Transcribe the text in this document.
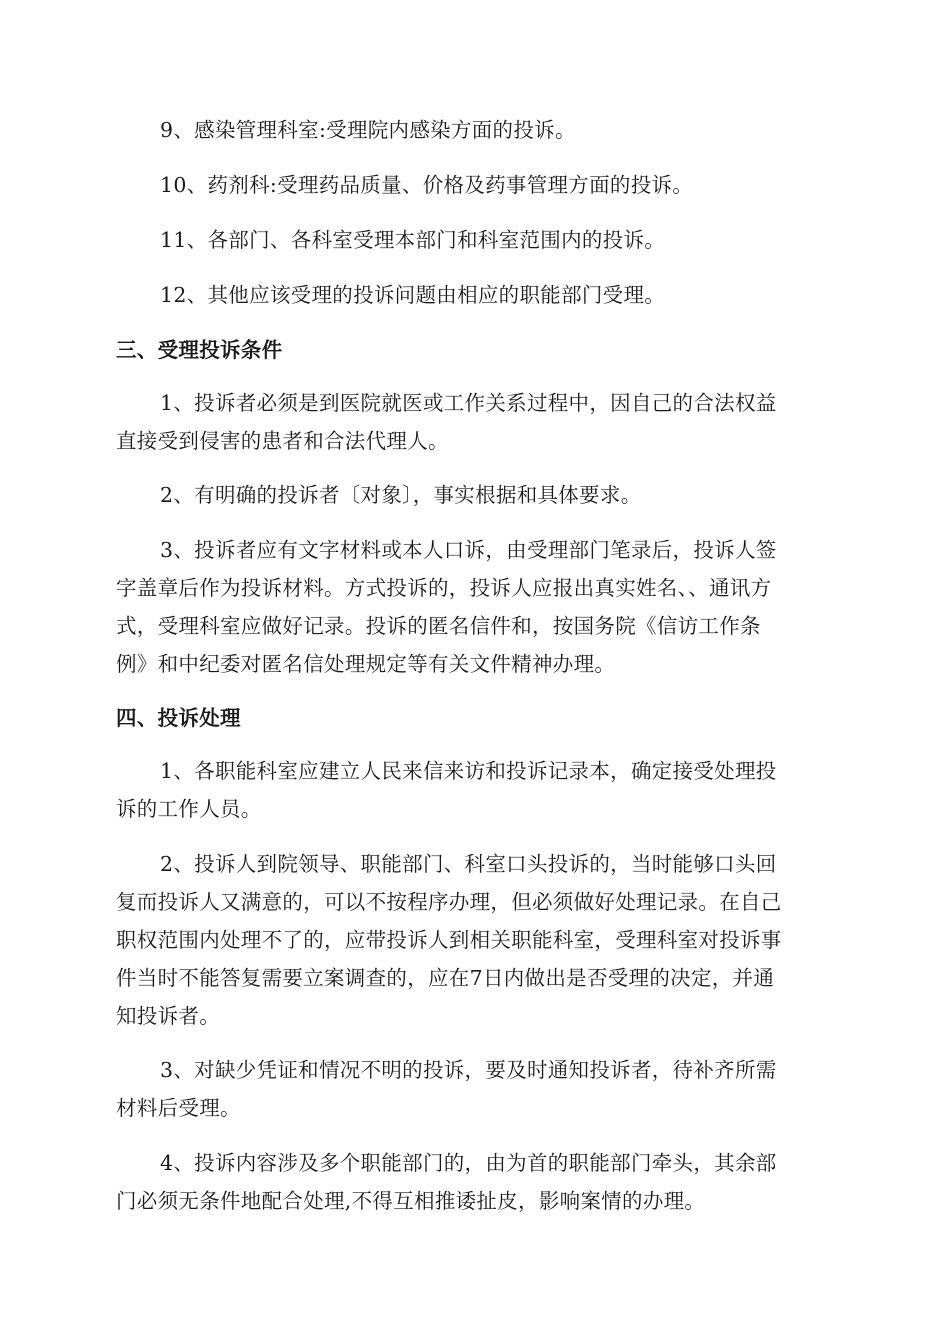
9、感染管理科室:受理院内感染方面的投诉。
10、药剂科:受理药品质量、价格及药事管理方面的投诉。
11、各部门、各科室受理本部门和科室范围内的投诉。
12、其他应该受理的投诉问题由相应的职能部门受理。
三、受理投诉条件
1、投诉者必须是到医院就医或工作关系过程中，因自己的合法权益
直接受到侵害的患者和合法代理人。
2、有明确的投诉者〔对象〕，事实根据和具体要求。
3、投诉者应有文字材料或本人口诉，由受理部门笔录后，投诉人签
字盖章后作为投诉材料。方式投诉的，投诉人应报出真实姓名、、通讯方
式，受理科室应做好记录。投诉的匿名信件和，按国务院《信访工作条
例》和中纪委对匿名信处理规定等有关文件精神办理。
四、投诉处理
1、各职能科室应建立人民来信来访和投诉记录本，确定接受处理投
诉的工作人员。
2、投诉人到院领导、职能部门、科室口头投诉的，当时能够口头回
复而投诉人又满意的，可以不按程序办理，但必须做好处理记录。在自己
职权范围内处理不了的，应带投诉人到相关职能科室，受理科室对投诉事
件当时不能答复需要立案调查的，应在7日内做出是否受理的决定，并通
知投诉者。
3、对缺少凭证和情况不明的投诉，要及时通知投诉者，待补齐所需
材料后受理。
4、投诉内容涉及多个职能部门的，由为首的职能部门牵头，其余部
门必须无条件地配合处理,不得互相推诿扯皮，影响案情的办理。
